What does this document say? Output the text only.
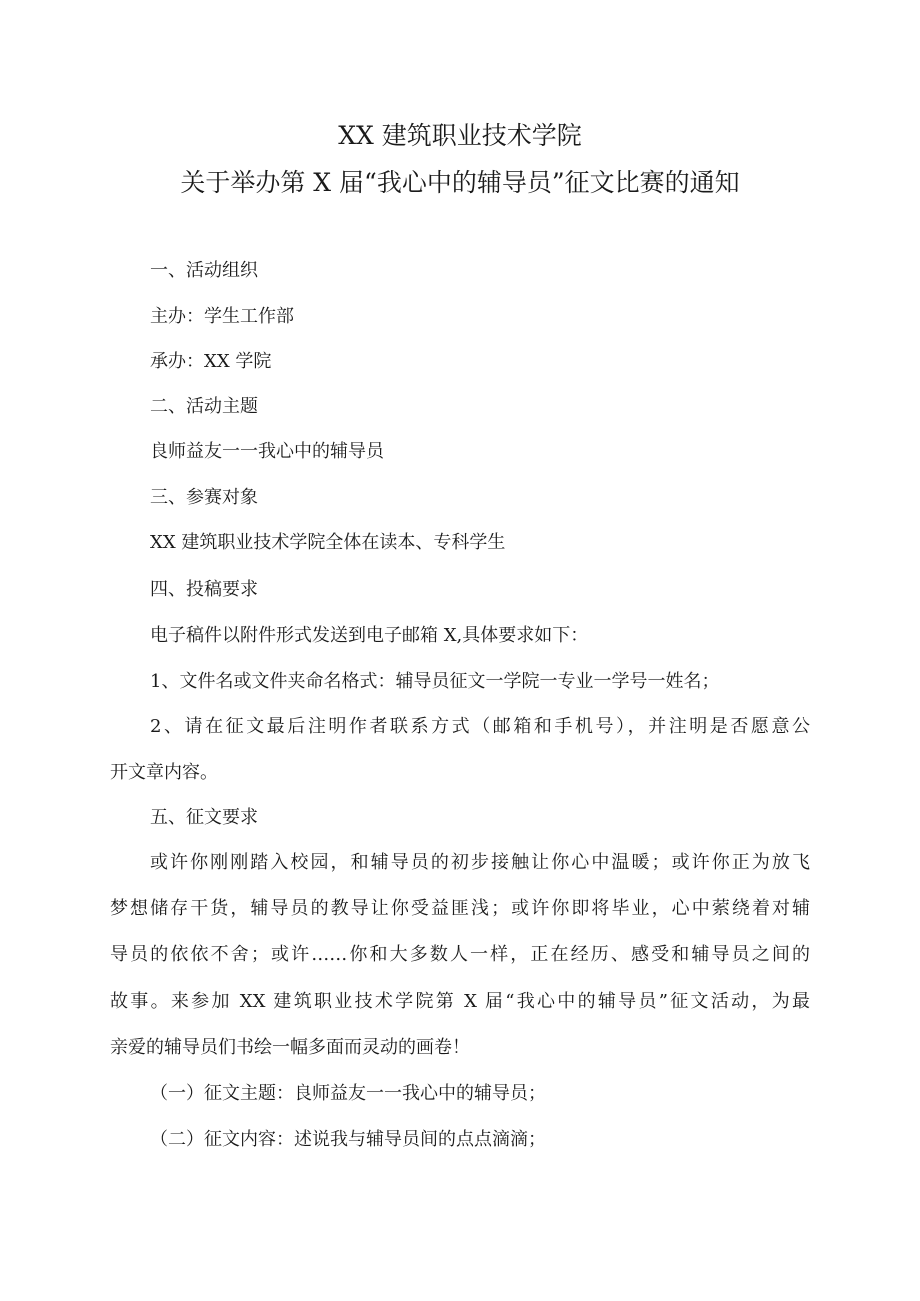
XX 建筑职业技术学院
关于举办第 X 届“我心中的辅导员”征文比赛的通知
一、活动组织
主办：学生工作部
承办：XX 学院
二、活动主题
良师益友一一我心中的辅导员
三、参赛对象
XX 建筑职业技术学院全体在读本、专科学生
四、投稿要求
电子稿件以附件形式发送到电子邮箱 X,具体要求如下：
1、文件名或文件夹命名格式：辅导员征文一学院一专业一学号一姓名；
2、请在征文最后注明作者联系方式（邮箱和手机号），并注明是否愿意公
开文章内容。
五、征文要求
或许你刚刚踏入校园，和辅导员的初步接触让你心中温暖；或许你正为放飞
梦想储存干货，辅导员的教导让你受益匪浅；或许你即将毕业，心中萦绕着对辅
导员的依依不舍；或许……你和大多数人一样，正在经历、感受和辅导员之间的
故事。来参加 XX 建筑职业技术学院第 X 届“我心中的辅导员”征文活动，为最
亲爱的辅导员们书绘一幅多面而灵动的画卷！
（一）征文主题：良师益友一一我心中的辅导员；
（二）征文内容：述说我与辅导员间的点点滴滴；
